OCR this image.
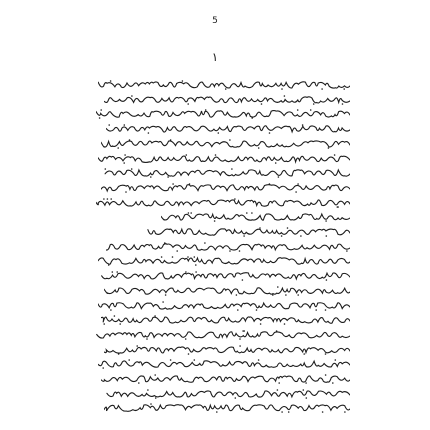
5
١
